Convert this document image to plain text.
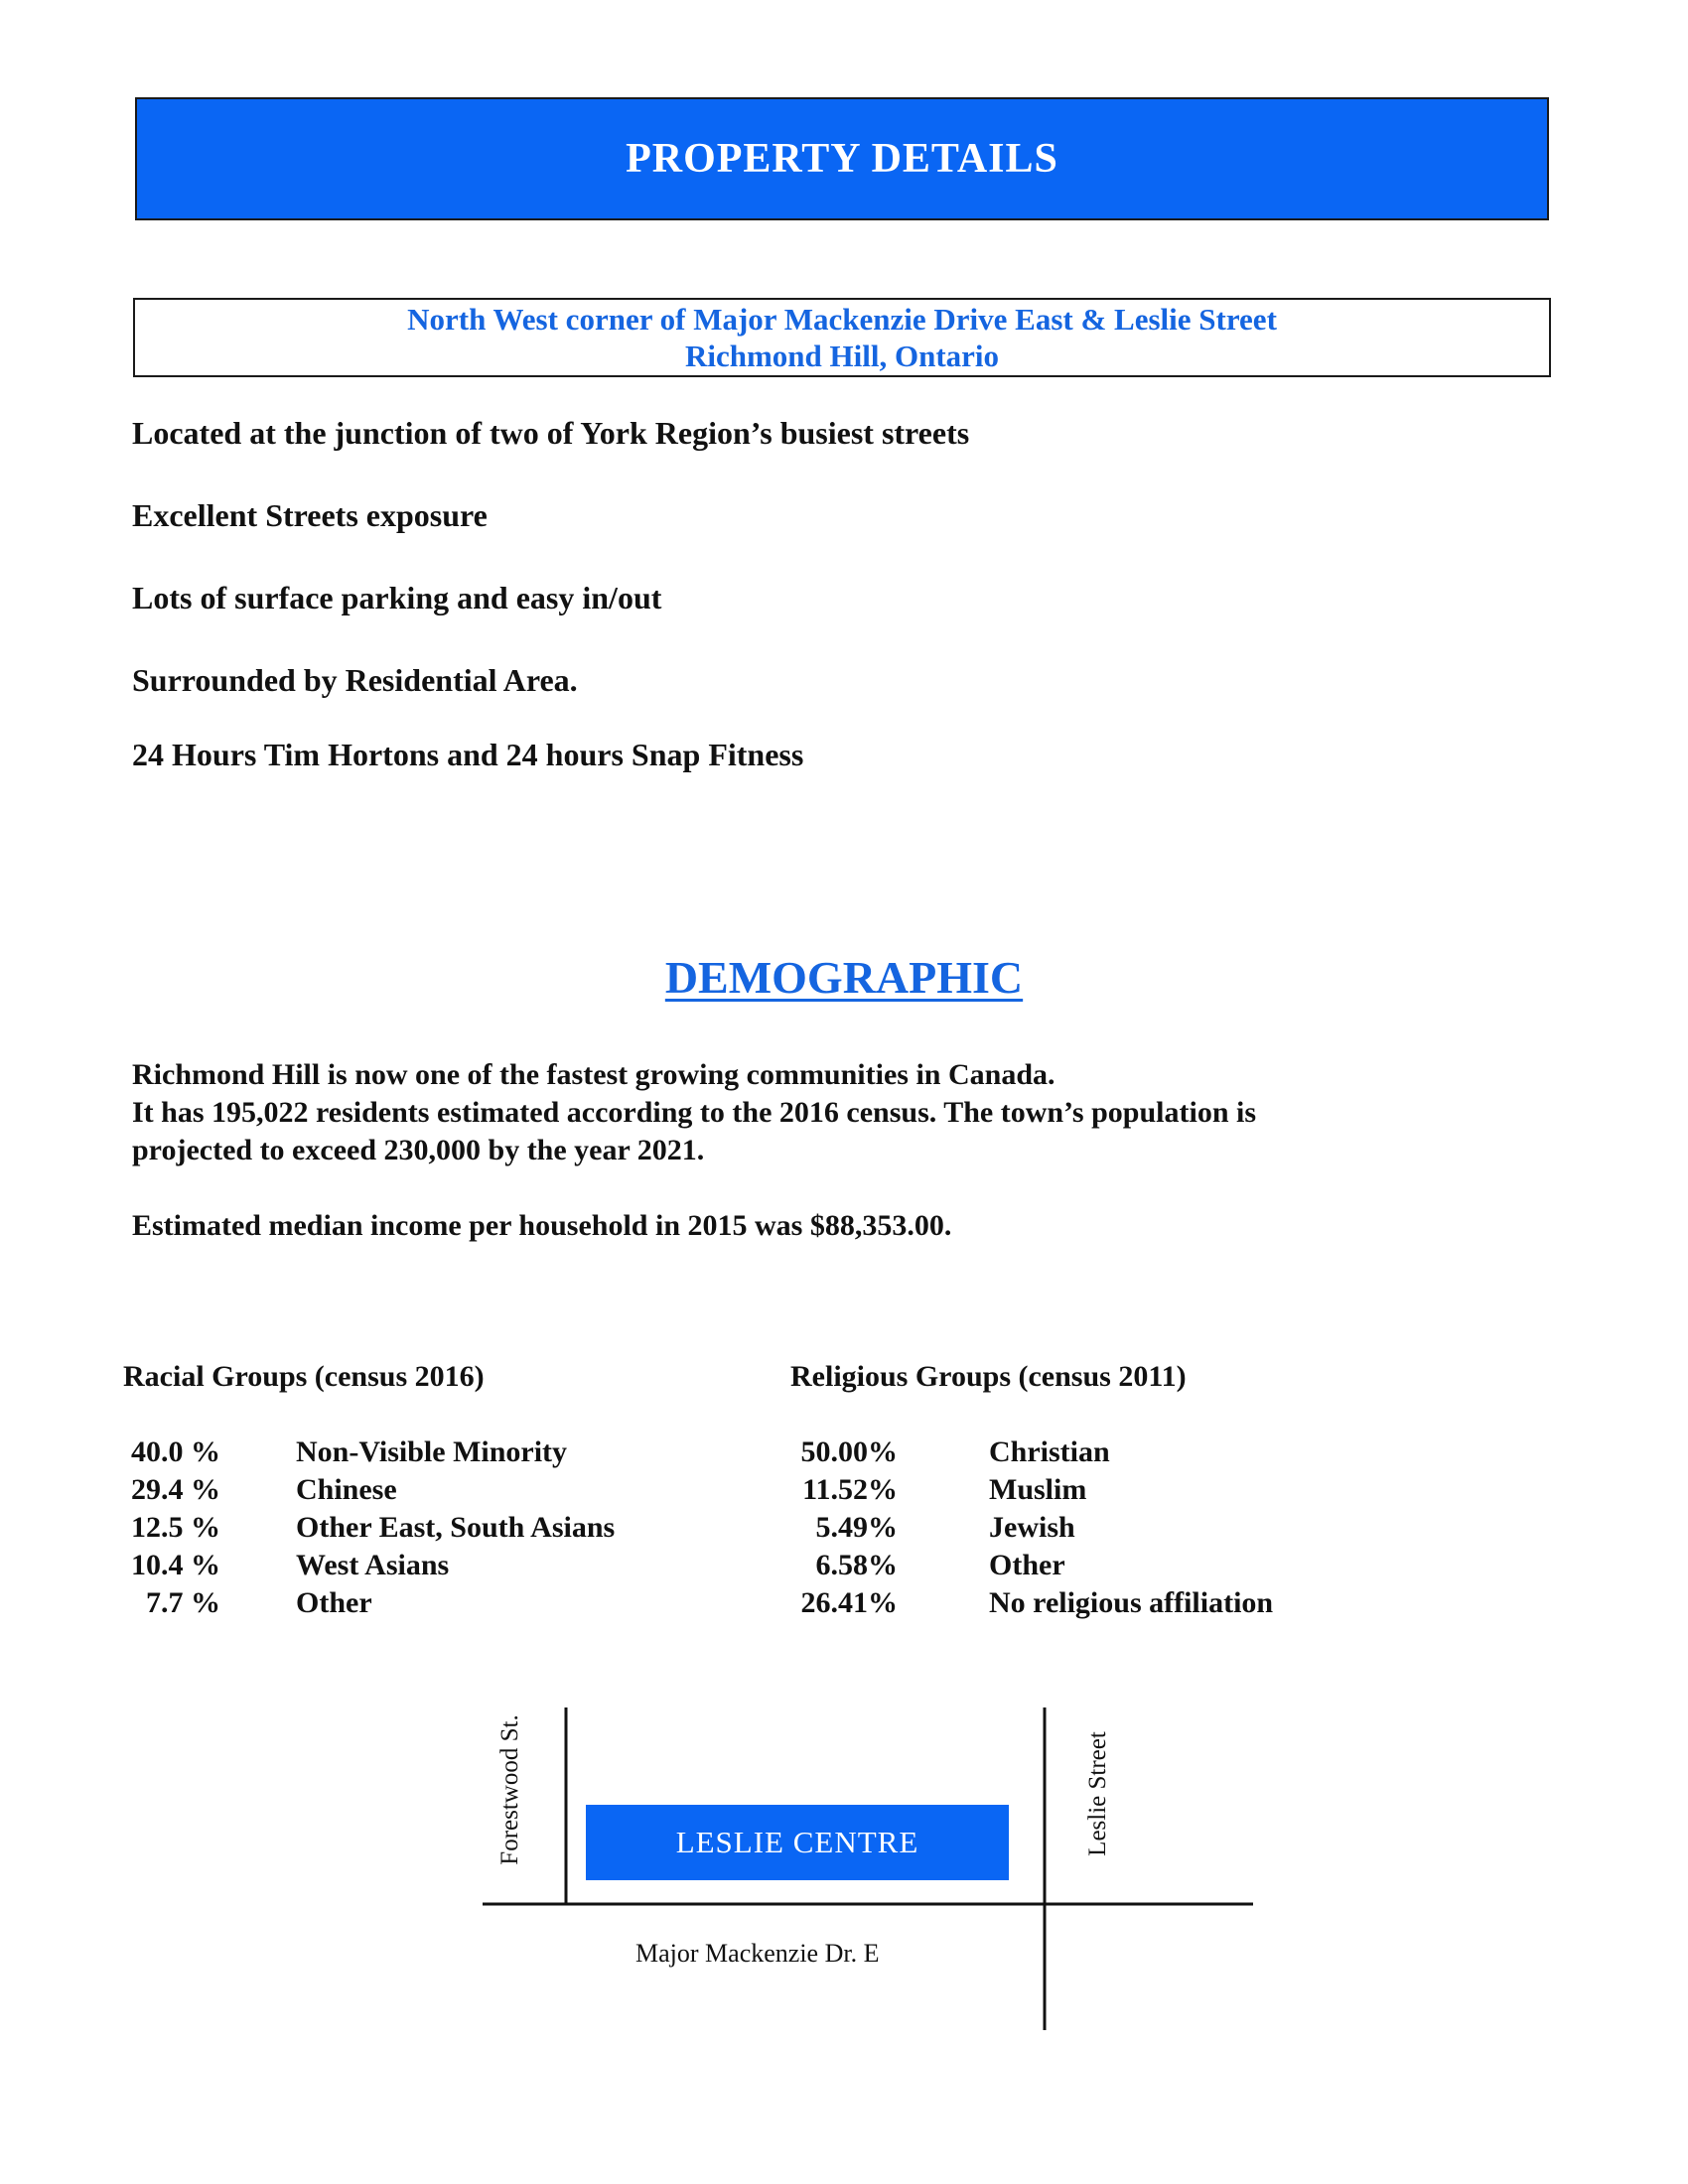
PROPERTY DETAILS
North West corner of Major Mackenzie Drive East & Leslie Street
Richmond Hill, Ontario
Located at the junction of two of York Region’s busiest streets
Excellent Streets exposure
Lots of surface parking and easy in/out
Surrounded by Residential Area.
24 Hours Tim Hortons and 24 hours Snap Fitness
DEMOGRAPHIC
Richmond Hill is now one of the fastest growing communities in Canada.
It has 195,022 residents estimated according to the 2016 census. The town’s population is
projected to exceed 230,000 by the year 2021.
Estimated median income per household in 2015 was $88,353.00.
Racial Groups (census 2016)
40.0 %	Non-Visible Minority
29.4 %	Chinese
12.5 %	Other East, South Asians
10.4 %	West Asians
7.7 %	Other
Religious Groups (census 2011)
50.00%	Christian
11.52%	Muslim
5.49%	Jewish
6.58%	Other
26.41%	No religious affiliation
LESLIE CENTRE
Forestwood St.	Leslie Street
Major Mackenzie Dr. E
